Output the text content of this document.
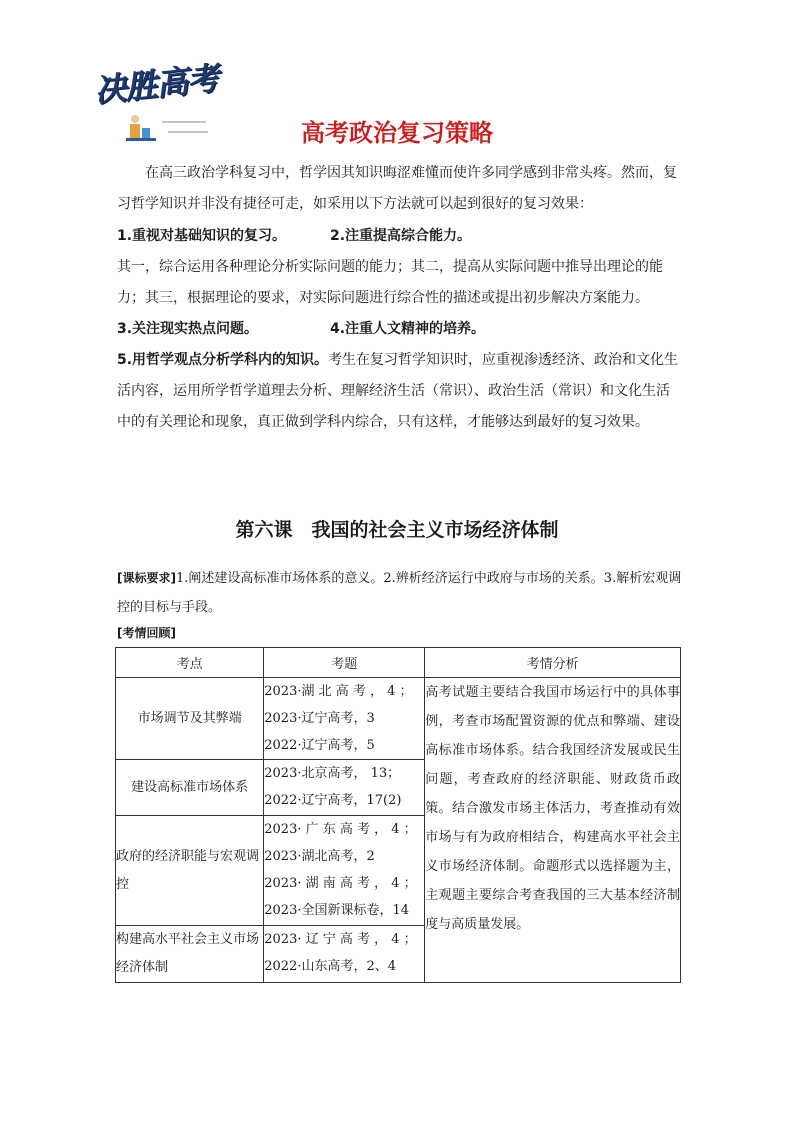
决胜高考
高考政治复习策略

在高三政治学科复习中，哲学因其知识晦涩难懂而使许多同学感到非常头疼。然而，复习哲学知识并非没有捷径可走，如采用以下方法就可以起到很好的复习效果：

1.重视对基础知识的复习。	2.注重提高综合能力。

其一，综合运用各种理论分析实际问题的能力；其二，提高从实际问题中推导出理论的能力；其三，根据理论的要求，对实际问题进行综合性的描述或提出初步解决方案能力。

3.关注现实热点问题。	4.注重人文精神的培养。

5.用哲学观点分析学科内的知识。考生在复习哲学知识时，应重视渗透经济、政治和文化生活内容，运用所学哲学道理去分析、理解经济生活（常识）、政治生活（常识）和文化生活中的有关理论和现象，真正做到学科内综合，只有这样，才能够达到最好的复习效果。

第六课　我国的社会主义市场经济体制

[课标要求]1.阐述建设高标准市场体系的意义。2.辨析经济运行中政府与市场的关系。3.解析宏观调控的目标与手段。

[考情回顾]

考点	考题	考情分析
市场调节及其弊端	2023·湖 北 高 考 ， 4 ；
2023·辽宁高考，3
2022·辽宁高考，5	高考试题主要结合我国市场运行中的具体事例，考查市场配置资源的优点和弊端、建设高标准市场体系。结合我国经济发展或民生问题，考查政府的经济职能、财政货币政策。结合激发市场主体活力，考查推动有效市场与有为政府相结合，构建高水平社会主义市场经济体制。命题形式以选择题为主，主观题主要综合考查我国的三大基本经济制度与高质量发展。
建设高标准市场体系	2023·北京高考， 13；
2022·辽宁高考，17(2)	

政府的经济职能与宏观调控	2023· 广 东 高 考 ， 4 ；
2023·湖北高考，2
2023· 湖 南 高 考 ， 4 ；
2023·全国新课标卷，14	

构建高水平社会主义市场经济体制	2023· 辽 宁 高 考 ， 4 ；
2022·山东高考，2、4	
